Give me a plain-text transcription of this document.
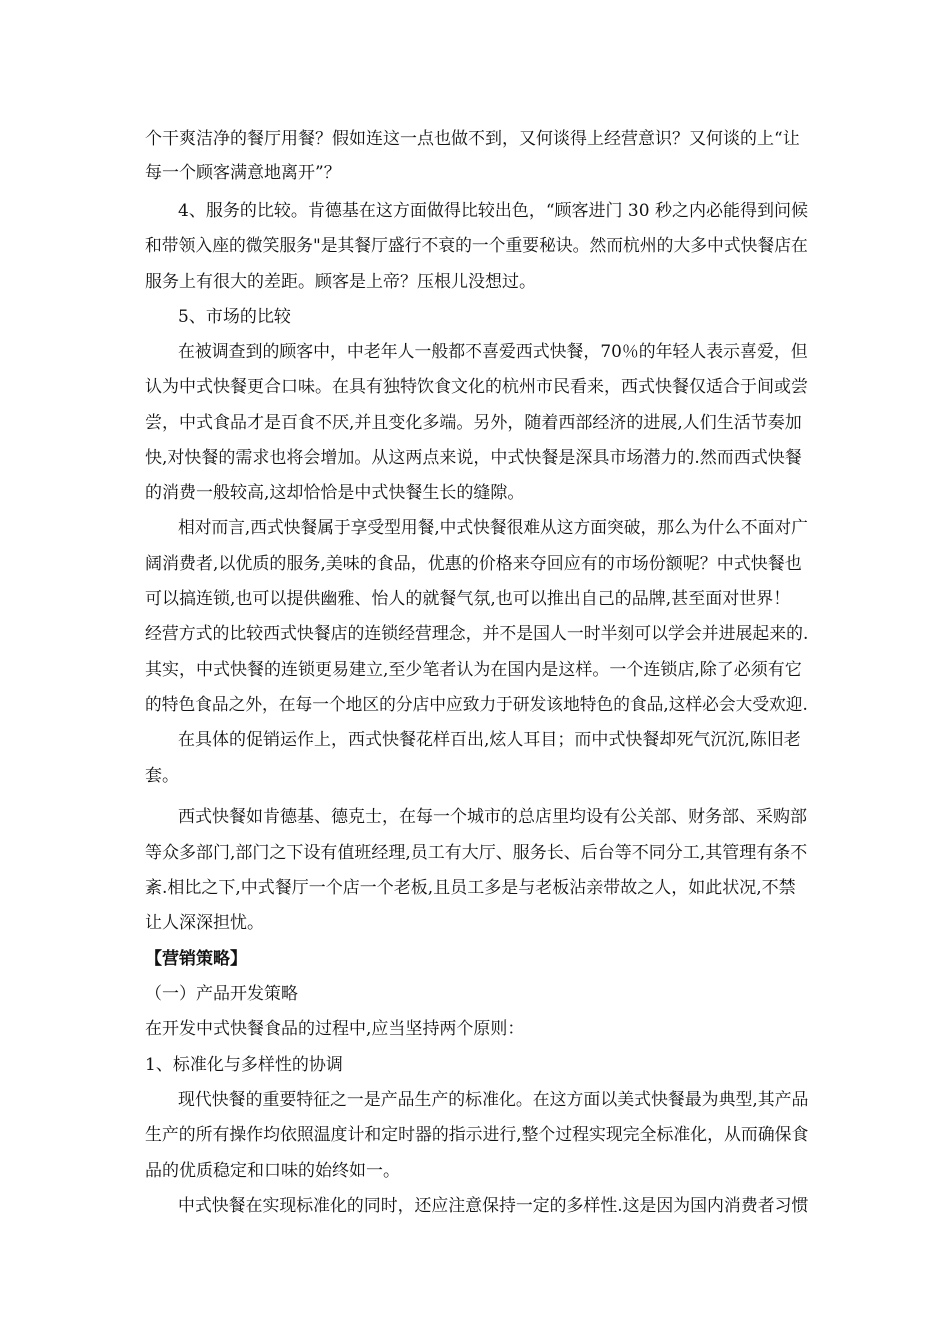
个干爽洁净的餐厅用餐？假如连这一点也做不到，又何谈得上经营意识？又何谈的上“让
每一个顾客满意地离开”？
4、服务的比较。肯德基在这方面做得比较出色，“顾客进门 30 秒之内必能得到问候
和带领入座的微笑服务"是其餐厅盛行不衰的一个重要秘诀。然而杭州的大多中式快餐店在
服务上有很大的差距。顾客是上帝？压根儿没想过。
5、市场的比较
在被调查到的顾客中，中老年人一般都不喜爱西式快餐，70％的年轻人表示喜爱，但
认为中式快餐更合口味。在具有独特饮食文化的杭州市民看来，西式快餐仅适合于间或尝
尝，中式食品才是百食不厌,并且变化多端。另外，随着西部经济的进展,人们生活节奏加
快,对快餐的需求也将会增加。从这两点来说，中式快餐是深具市场潜力的.然而西式快餐
的消费一般较高,这却恰恰是中式快餐生长的缝隙。
相对而言,西式快餐属于享受型用餐,中式快餐很难从这方面突破，那么为什么不面对广
阔消费者,以优质的服务,美味的食品，优惠的价格来夺回应有的市场份额呢？中式快餐也
可以搞连锁,也可以提供幽雅、怡人的就餐气氛,也可以推出自己的品牌,甚至面对世界！
经营方式的比较西式快餐店的连锁经营理念，并不是国人一时半刻可以学会并进展起来的.
其实，中式快餐的连锁更易建立,至少笔者认为在国内是这样。一个连锁店,除了必须有它
的特色食品之外，在每一个地区的分店中应致力于研发该地特色的食品,这样必会大受欢迎.
在具体的促销运作上，西式快餐花样百出,炫人耳目；而中式快餐却死气沉沉,陈旧老
套。
西式快餐如肯德基、德克士，在每一个城市的总店里均设有公关部、财务部、采购部
等众多部门,部门之下设有值班经理,员工有大厅、服务长、后台等不同分工,其管理有条不
紊.相比之下,中式餐厅一个店一个老板,且员工多是与老板沾亲带故之人，如此状况,不禁
让人深深担忧。
【营销策略】
（一）产品开发策略
在开发中式快餐食品的过程中,应当坚持两个原则：
1、标准化与多样性的协调
现代快餐的重要特征之一是产品生产的标准化。在这方面以美式快餐最为典型,其产品
生产的所有操作均依照温度计和定时器的指示进行,整个过程实现完全标准化，从而确保食
品的优质稳定和口味的始终如一。
中式快餐在实现标准化的同时，还应注意保持一定的多样性.这是因为国内消费者习惯
